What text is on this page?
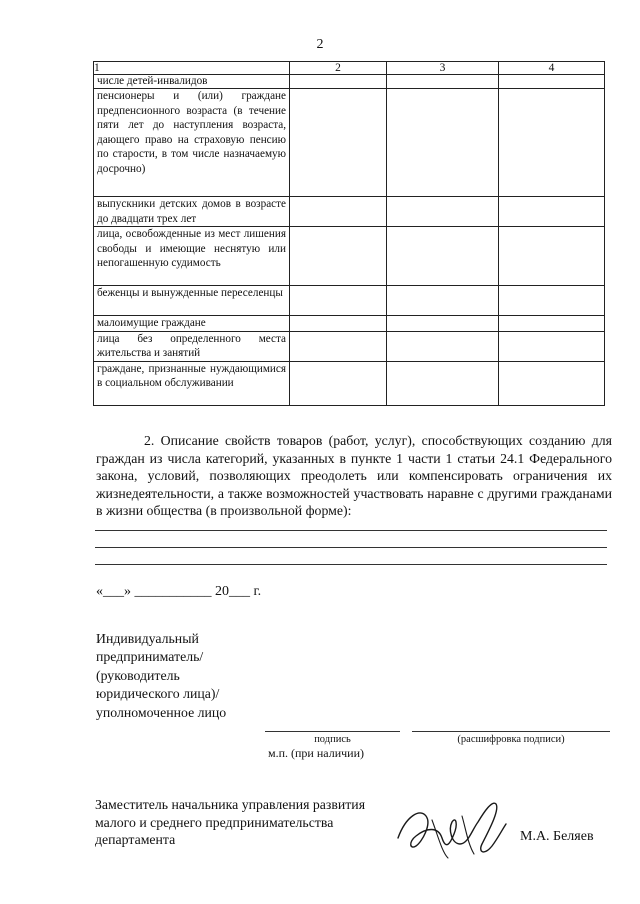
2
1	2	3	4
числе детей-инвалидов			
пенсионеры и (или) граждане предпенсионного возраста (в течение пяти лет до наступления возраста, дающего право на страховую пенсию по старости, в том числе назначаемую досрочно)			
выпускники детских домов в возрасте до двадцати трех лет			
лица, освобожденные из мест лишения свободы и имеющие неснятую или непогашенную судимость			
беженцы и вынужденные переселенцы			
малоимущие граждане			
лица без определенного места жительства и занятий			
граждане, признанные нуждающимися в социальном обслуживании			
2. Описание свойств товаров (работ, услуг), способствующих созданию для граждан из числа категорий, указанных в пункте 1 части 1 статьи 24.1 Федерального закона, условий, позволяющих преодолеть или компенсировать ограничения их жизнедеятельности, а также возможностей участвовать наравне с другими гражданами в жизни общества (в произвольной форме):
«___» ___________ 20___ г.
Индивидуальный предприниматель/ (руководитель юридического лица)/уполномоченное лицо
подпись	(расшифровка подписи)
м.п. (при наличии)
Заместитель начальника управления развития малого и среднего предпринимательства департамента	М.А. Беляев
